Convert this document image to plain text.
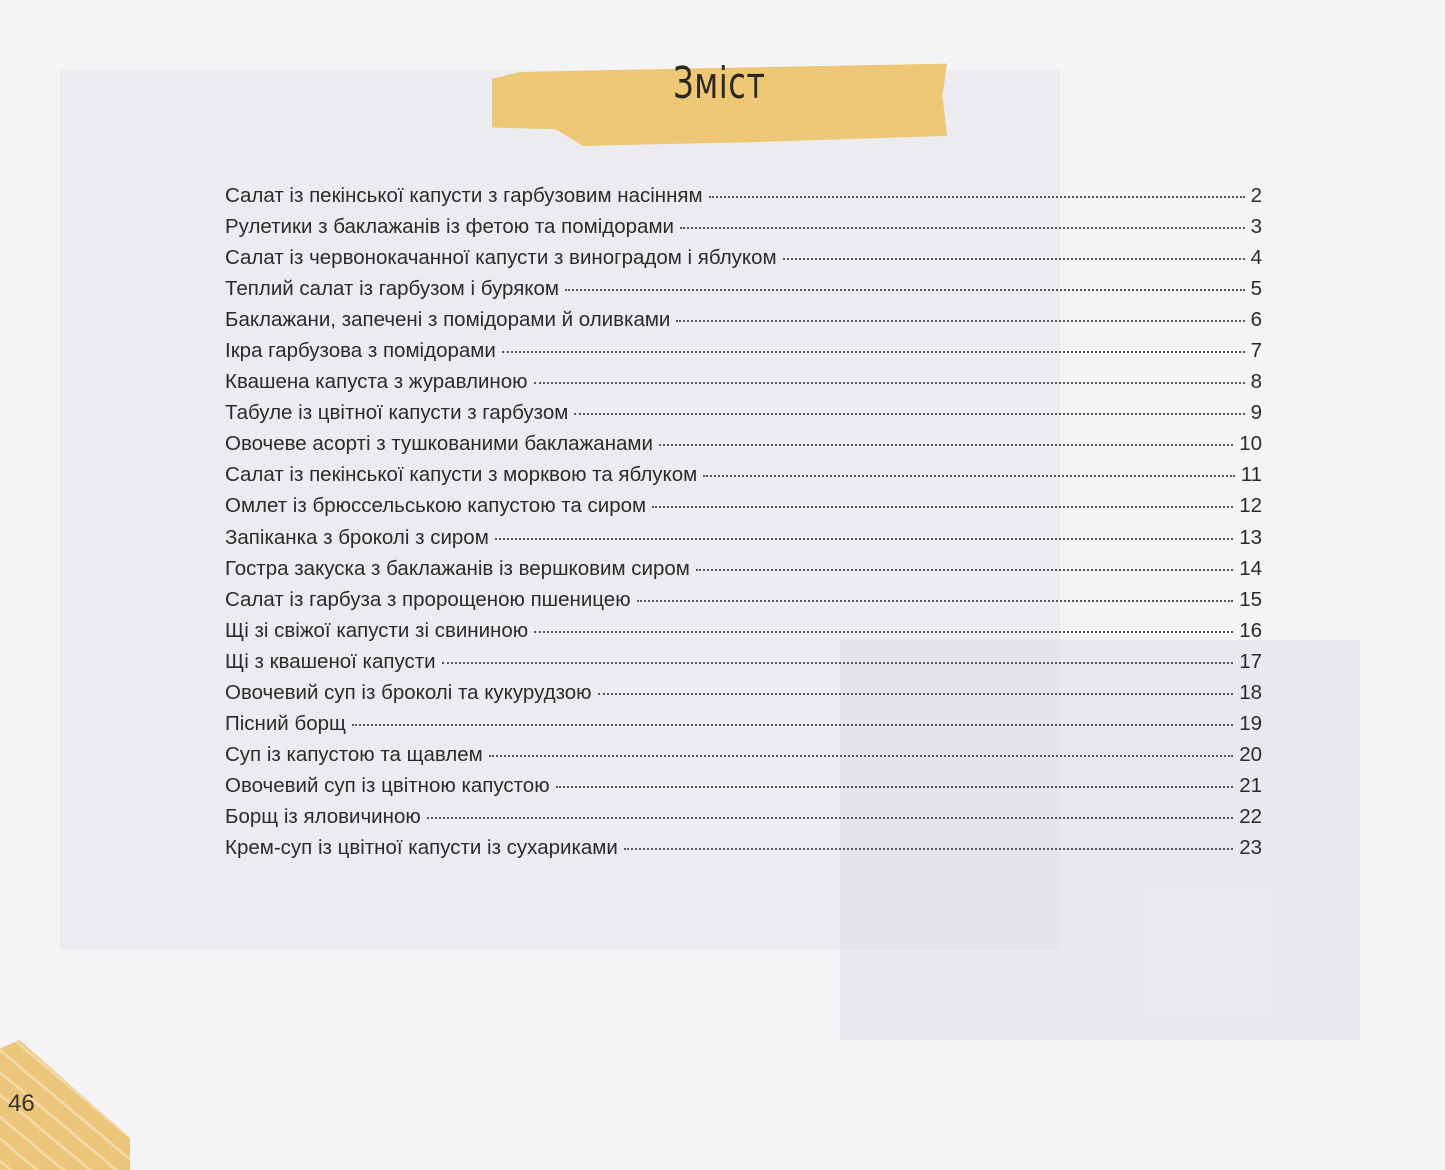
Зміст
Салат із пекінської капусти з гарбузовим насінням	2
Рулетики з баклажанів із фетою та помідорами	3
Салат із червонокачанної капусти з виноградом і яблуком	4
Теплий салат із гарбузом і буряком	5
Баклажани, запечені з помідорами й оливками	6
Ікра гарбузова з помідорами	7
Квашена капуста з журавлиною	8
Табуле із цвітної капусти з гарбузом	9
Овочеве асорті з тушкованими баклажанами	10
Салат із пекінської капусти з морквою та яблуком	11
Омлет із брюссельською капустою та сиром	12
Запіканка з броколі з сиром	13
Гостра закуска з баклажанів із вершковим сиром	14
Салат із гарбуза з пророщеною пшеницею	15
Щі зі свіжої капусти зі свининою	16
Щі з квашеної капусти	17
Овочевий суп із броколі та кукурудзою	18
Пісний борщ	19
Суп із капустою та щавлем	20
Овочевий суп із цвітною капустою	21
Борщ із яловичиною	22
Крем-суп із цвітної капусти із сухариками	23
46
